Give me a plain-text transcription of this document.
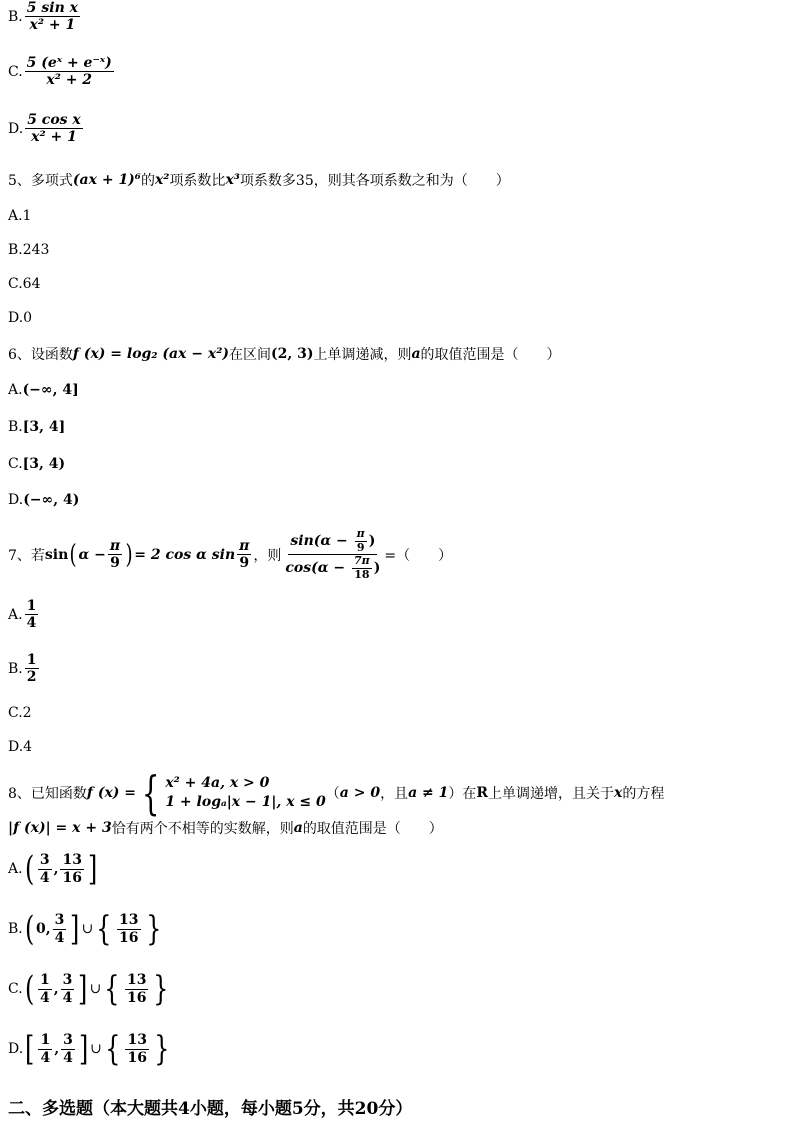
B. $\frac{\text{5 sin x}}{\text{x² + 1}}$
C. $\frac{\text{5 (eˣ + e⁻ˣ)}}{\text{x² + 2}}$
D. $\frac{\text{5 cos x}}{\text{x² + 1}}$
5、多项式 (ax + 1)⁶ 的 x² 项系数比 x³ 项系数多35，则其各项系数之和为（　　）
A.1
B.243
C.64
D.0
6、设函数 f (x) = log₂ (ax − x²) 在区间 (2, 3) 上单调递减，则 a 的取值范围是（　　）
A. (−∞, 4]
B. [3, 4]
C. [3, 4)
D. (−∞, 4)
7、若 sin ( $\alpha - \frac{\pi}{9}$ ) = 2 cos α $\sin \frac{\pi}{9}$ ，则 $\frac{\sin(\alpha - \frac{\pi}{9} )}{\cos(\alpha - \frac{7\pi}{18} )}$ =（　　）
A. $\frac{1}{4}$
B. $\frac{1}{2}$
C.2
D.4
8、已知函数 f (x) = { x² + 4a, x > 0
1 + logₐ|x − 1|, x ≤ 0 （ a > 0 ，且 a ≠ 1 ）在 R 上单调递增，且关于 x 的方程
|f (x)| = x + 3 恰有两个不相等的实数解，则 a 的取值范围是（　　）
A. ( $\frac{3}{4}$ , $\frac{13}{16}$ ]
B. ( 0, $\frac{3}{4}$ ] ∪ { $\frac{13}{16}$ }
C. ( $\frac{1}{4}$ , $\frac{3}{4}$ ] ∪ { $\frac{13}{16}$ }
D. [ $\frac{1}{4}$ , $\frac{3}{4}$ ] ∪ { $\frac{13}{16}$ }
二、多选题（本大题共4小题，每小题5分，共20分）
